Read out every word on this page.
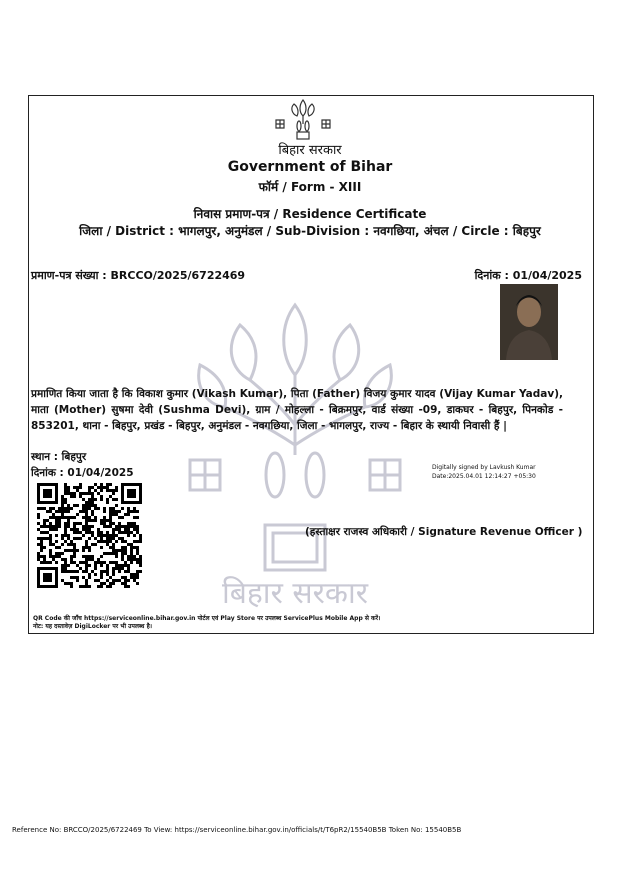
बिहार सरकार
बिहार सरकार
Government of Bihar
फॉर्म / Form - XIII
निवास प्रमाण-पत्र / Residence Certificate
जिला / District : भागलपुर, अनुमंडल / Sub-Division : नवगछिया, अंचल / Circle : बिहपुर
प्रमाण-पत्र संख्या : BRCCO/2025/6722469	दिनांक : 01/04/2025
प्रमाणित किया जाता है कि विकाश कुमार (Vikash Kumar), पिता (Father) विजय कुमार यादव (Vijay Kumar Yadav), माता (Mother) सुषमा देवी (Sushma Devi), ग्राम / मोहल्ला - बिक्रमपुर, वार्ड संख्या -09, डाकघर - बिहपुर, पिनकोड - 853201, थाना - बिहपुर, प्रखंड - बिहपुर, अनुमंडल - नवगछिया, जिला - भागलपुर, राज्य - बिहार के स्थायी निवासी हैं |
स्थान : बिहपुर
दिनांक : 01/04/2025	Digitally signed by Lavkush Kumar
Date:2025.04.01 12:14:27 +05:30
(हस्ताक्षर राजस्व अधिकारी / Signature Revenue Officer )
QR Code की जाँच https://serviceonline.bihar.gov.in पोर्टल एवं Play Store पर उपलब्ध ServicePlus Mobile App से करें।
नोट: यह दस्तावेज़ DigiLocker पर भी उपलब्ध है।
Reference No: BRCCO/2025/6722469 To View: https://serviceonline.bihar.gov.in/officials/t/T6pR2/15540B5B Token No: 15540B5B
